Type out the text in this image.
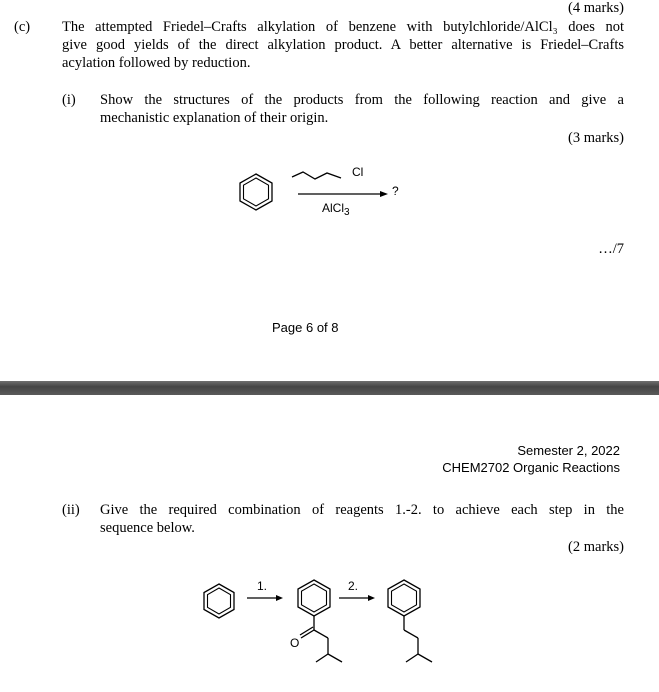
(4 marks)
(c) The attempted Friedel–Crafts alkylation of benzene with butylchloride/AlCl₃ does not
give good yields of the direct alkylation product. A better alternative is Friedel–Crafts
acylation followed by reduction.
(i) Show the structures of the products from the following reaction and give a
mechanistic explanation of their origin.
(3 marks)
Cl
AlCl$_3$
?
…/7
Page 6 of 8
Semester 2, 2022
CHEM2702 Organic Reactions
(ii) Give the required combination of reagents 1.-2. to achieve each step in the
sequence below.
(2 marks)
1.
O
2.
